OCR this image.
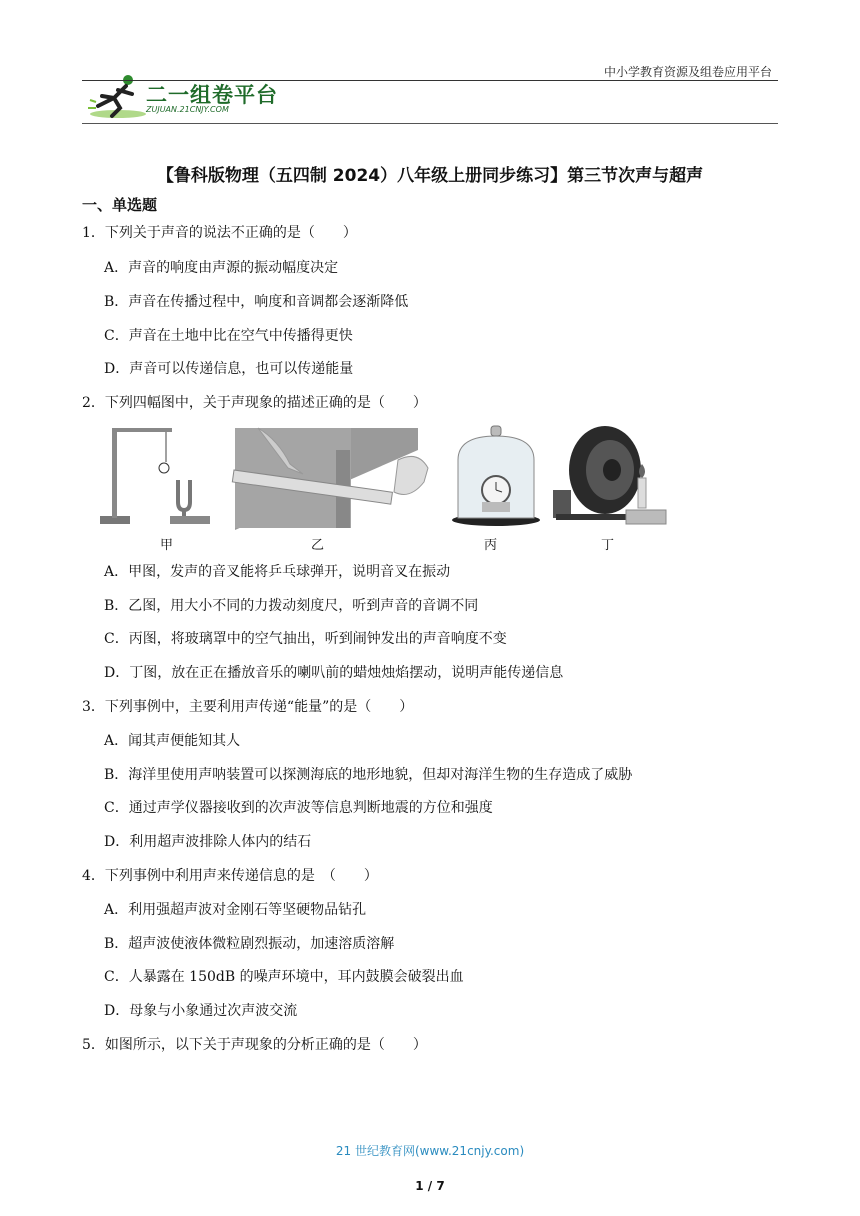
二一组卷平台
ZUJUAN.21CNJY.COM
中小学教育资源及组卷应用平台
【鲁科版物理（五四制 2024）八年级上册同步练习】第三节次声与超声
一、单选题
1．下列关于声音的说法不正确的是（　　）
A．声音的响度由声源的振动幅度决定
B．声音在传播过程中，响度和音调都会逐渐降低
C．声音在土地中比在空气中传播得更快
D．声音可以传递信息，也可以传递能量
2．下列四幅图中，关于声现象的描述正确的是（　　）
甲	乙	丙	丁
A．甲图，发声的音叉能将乒乓球弹开，说明音叉在振动
B．乙图，用大小不同的力拨动刻度尺，听到声音的音调不同
C．丙图，将玻璃罩中的空气抽出，听到闹钟发出的声音响度不变
D．丁图，放在正在播放音乐的喇叭前的蜡烛烛焰摆动，说明声能传递信息
3．下列事例中，主要利用声传递“能量”的是（　　）
A．闻其声便能知其人
B．海洋里使用声呐装置可以探测海底的地形地貌，但却对海洋生物的生存造成了威胁
C．通过声学仪器接收到的次声波等信息判断地震的方位和强度
D．利用超声波排除人体内的结石
4．下列事例中利用声来传递信息的是　（　　）
A．利用强超声波对金刚石等坚硬物品钻孔
B．超声波使液体微粒剧烈振动，加速溶质溶解
C．人暴露在 150dB 的噪声环境中，耳内鼓膜会破裂出血
D．母象与小象通过次声波交流
5．如图所示，以下关于声现象的分析正确的是（　　）
21 世纪教育网(www.21cnjy.com)
1 / 7
